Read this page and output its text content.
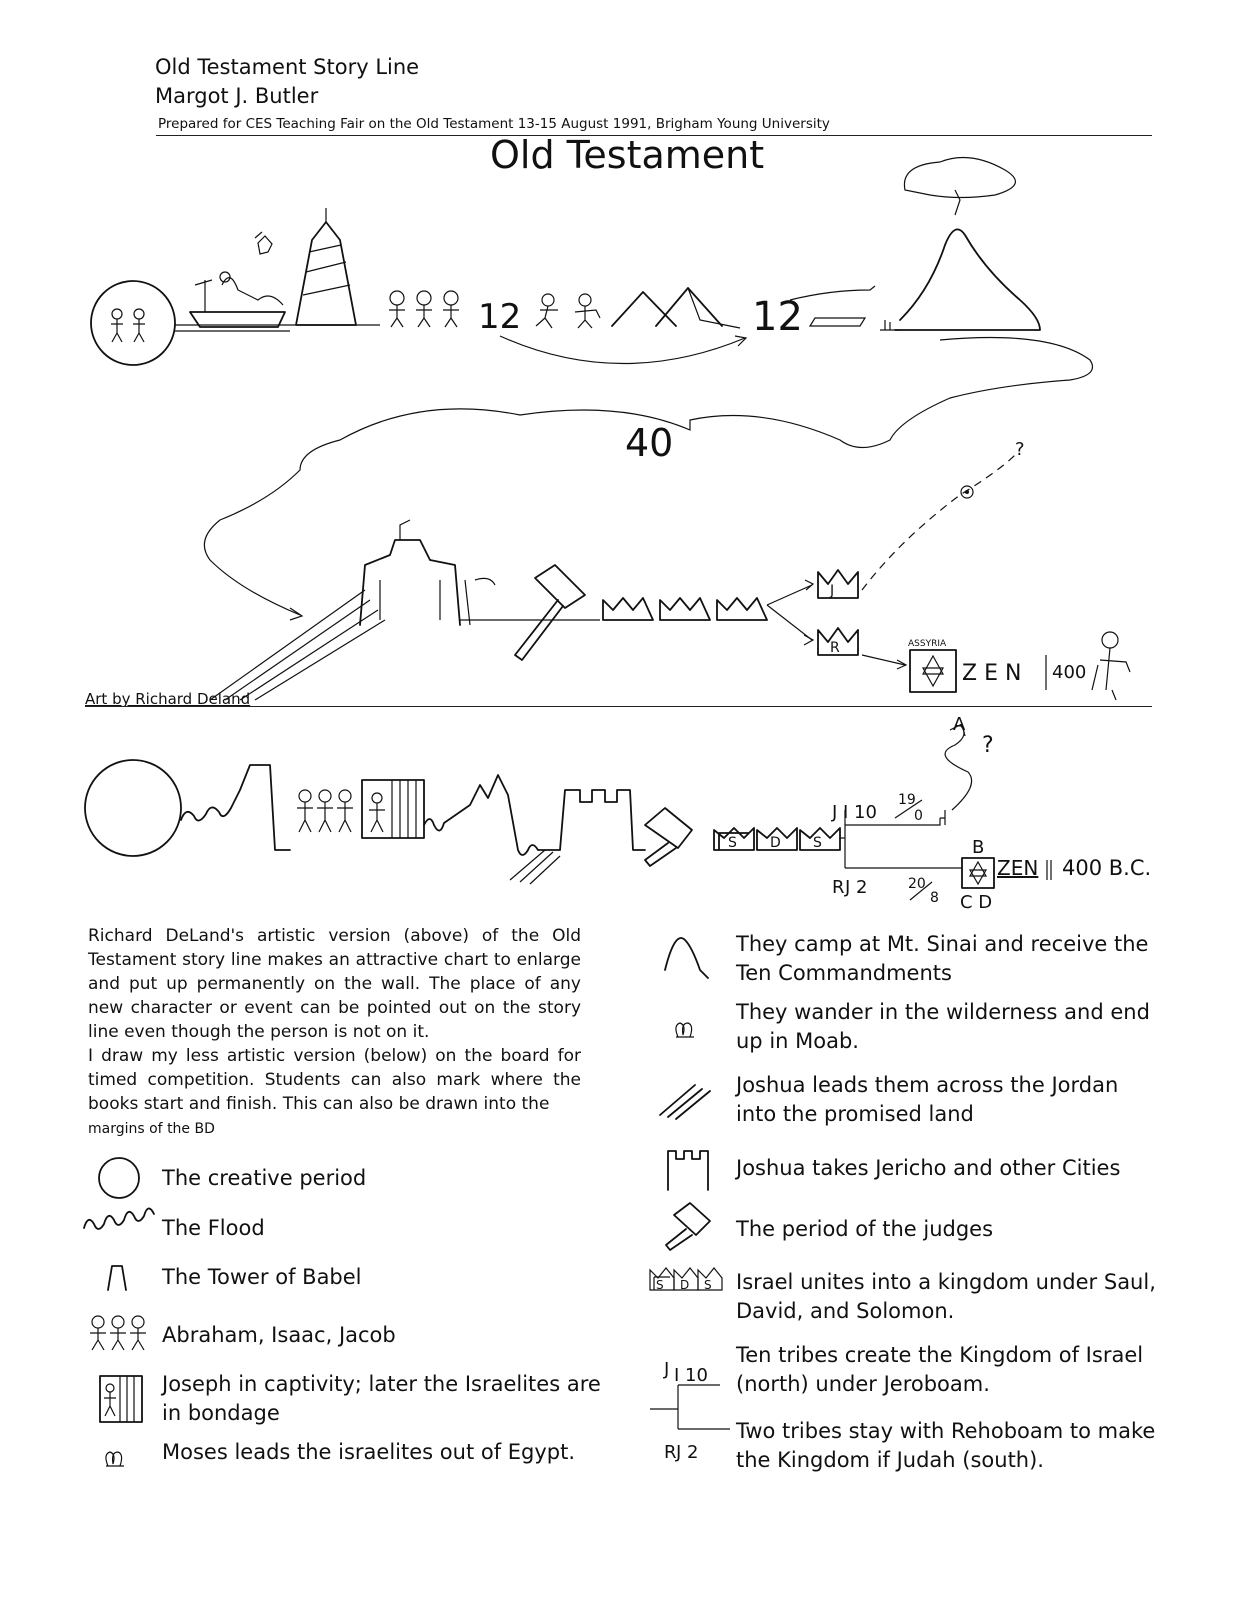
Old Testament Story Line
Margot J. Butler
Prepared for CES Teaching Fair on the Old Testament 13-15 August 1991, Brigham Young University
Old Testament
12	12
40
J
R
?
ASSYRIA
Z E N 400
Art by Richard Deland
S D S
J I 10
19
0
A
?
R J 2	20
8
B
C D
ZEN 400 B.C.
Richard DeLand's artistic version (above) of the Old Testament story line makes an attractive chart to enlarge and put up permanently on the wall. The place of any new character or event can be pointed out on the story line even though the person is not on it.
I draw my less artistic version (below) on the board for timed competition. Students can also mark where the books start and finish. This can also be drawn into the
margins of the BD
The creative period
The Flood
The Tower of Babel
Abraham, Isaac, Jacob
Joseph in captivity; later the Israelites are in bondage
Moses leads the israelites out of Egypt.
S D S
J I 10
R J 2
They camp at Mt. Sinai and receive the Ten Commandments
They wander in the wilderness and end up in Moab.
Joshua leads them across the Jordan into the promised land
Joshua takes Jericho and other Cities
The period of the judges
Israel unites into a kingdom under Saul, David, and Solomon.
Ten tribes create the Kingdom of Israel (north) under Jeroboam.
Two tribes stay with Rehoboam to make the Kingdom if Judah (south).
